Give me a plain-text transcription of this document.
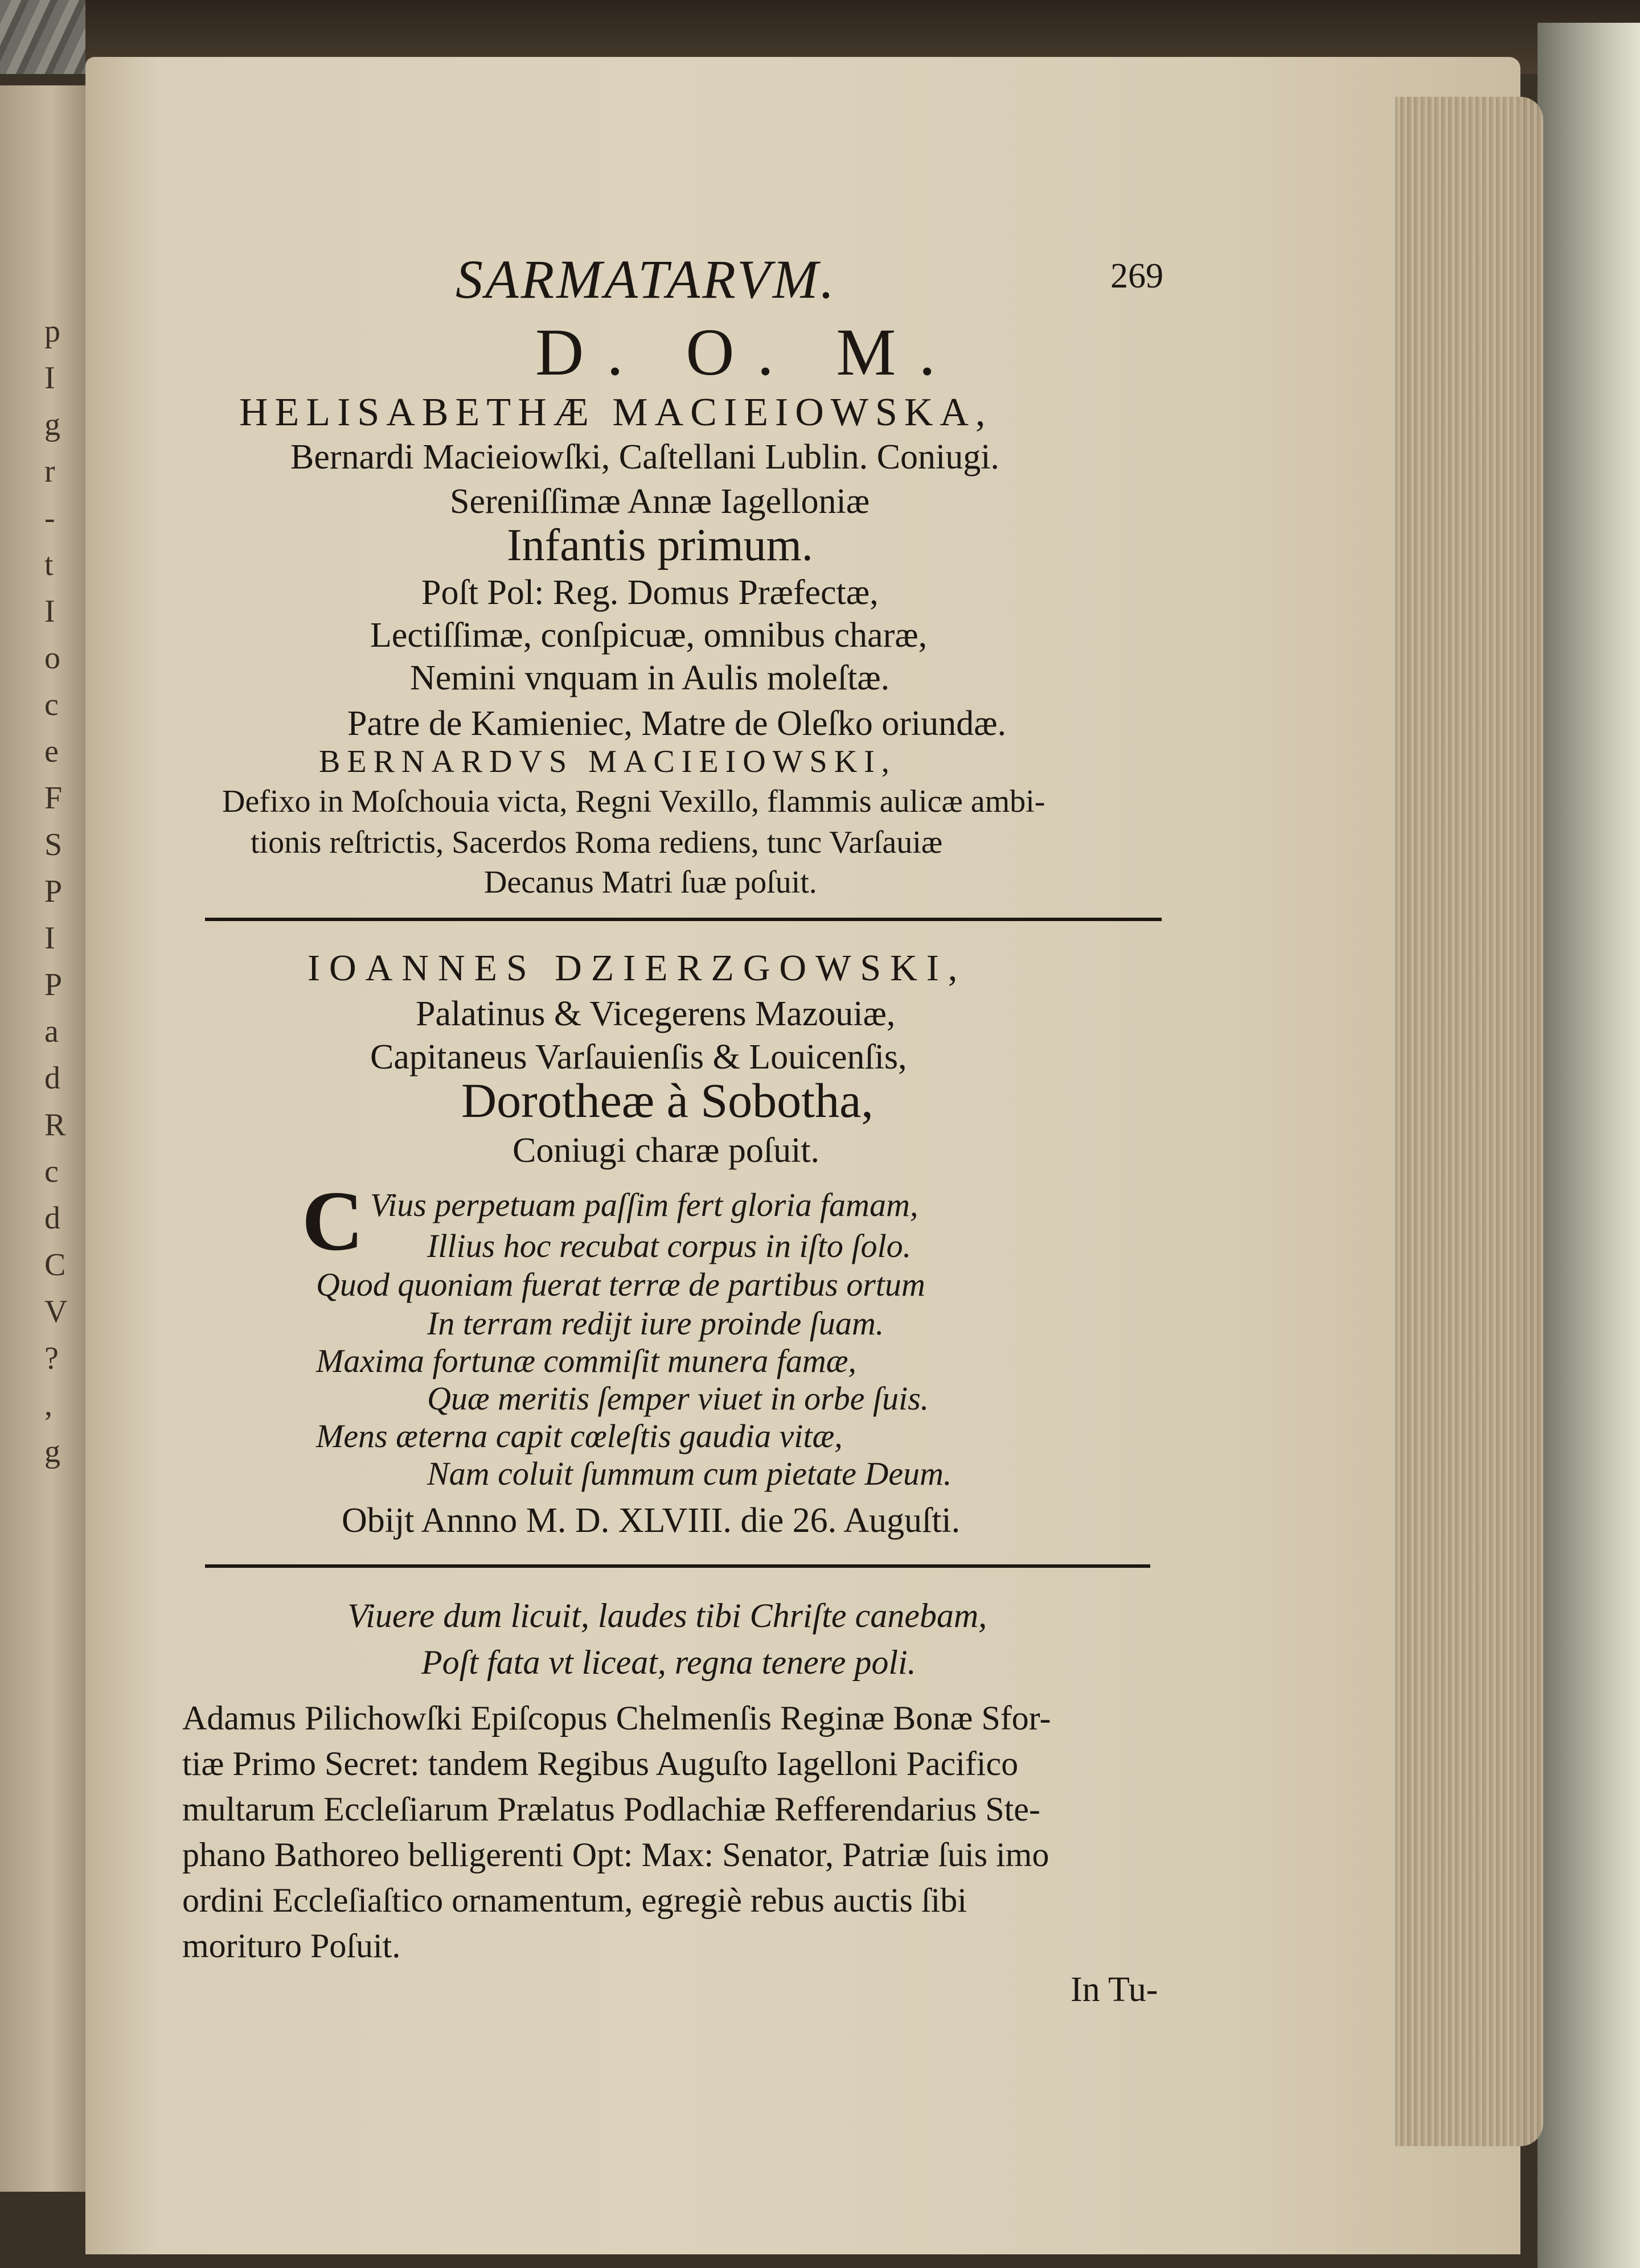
p
I
g
r
-
t
I
o
c
e
F
S
P
I
P
a
d
R
c
d
C
V
?
,
g
SARMATARVM.	269
D. O. M.
HELISABETHÆ MACIEIOWSKA,
Bernardi Macieiowſki, Caſtellani Lublin. Coniugi.
Sereniſſimæ Annæ Iagelloniæ
Infantis primum.
Poſt Pol: Reg. Domus Præfectæ,
Lectiſſimæ, conſpicuæ, omnibus charæ,
Nemini vnquam in Aulis moleſtæ.
Patre de Kamieniec, Matre de Oleſko oriundæ.
BERNARDVS MACIEIOWSKI,
Defixo in Moſchouia victa, Regni Vexillo, flammis aulicæ ambi-
tionis reſtrictis, Sacerdos Roma rediens, tunc Varſauiæ
Decanus Matri ſuæ poſuit.
IOANNES DZIERZGOWSKI,
Palatinus & Vicegerens Mazouiæ,
Capitaneus Varſauienſis & Louicenſis,
Dorotheæ à Sobotha,
Coniugi charæ poſuit.
C Vius perpetuam paſſim fert gloria famam,
Illius hoc recubat corpus in iſto ſolo.
Quod quoniam fuerat terræ de partibus ortum
In terram redijt iure proinde ſuam.
Maxima fortunæ commiſit munera famæ,
Quæ meritis ſemper viuet in orbe ſuis.
Mens æterna capit cœleſtis gaudia vitæ,
Nam coluit ſummum cum pietate Deum.
Obijt Annno M. D. XLVIII. die 26. Auguſti.
Viuere dum licuit, laudes tibi Chriſte canebam,
Poſt fata vt liceat, regna tenere poli.
Adamus Pilichowſki Epiſcopus Chelmenſis Reginæ Bonæ Sfor-
tiæ Primo Secret: tandem Regibus Auguſto Iagelloni Pacifico
multarum Eccleſiarum Prælatus Podlachiæ Refferendarius Ste-
phano Bathoreo belligerenti Opt: Max: Senator, Patriæ ſuis imo
ordini Eccleſiaſtico ornamentum, egregiè rebus auctis ſibi
morituro Poſuit.
In Tu-
